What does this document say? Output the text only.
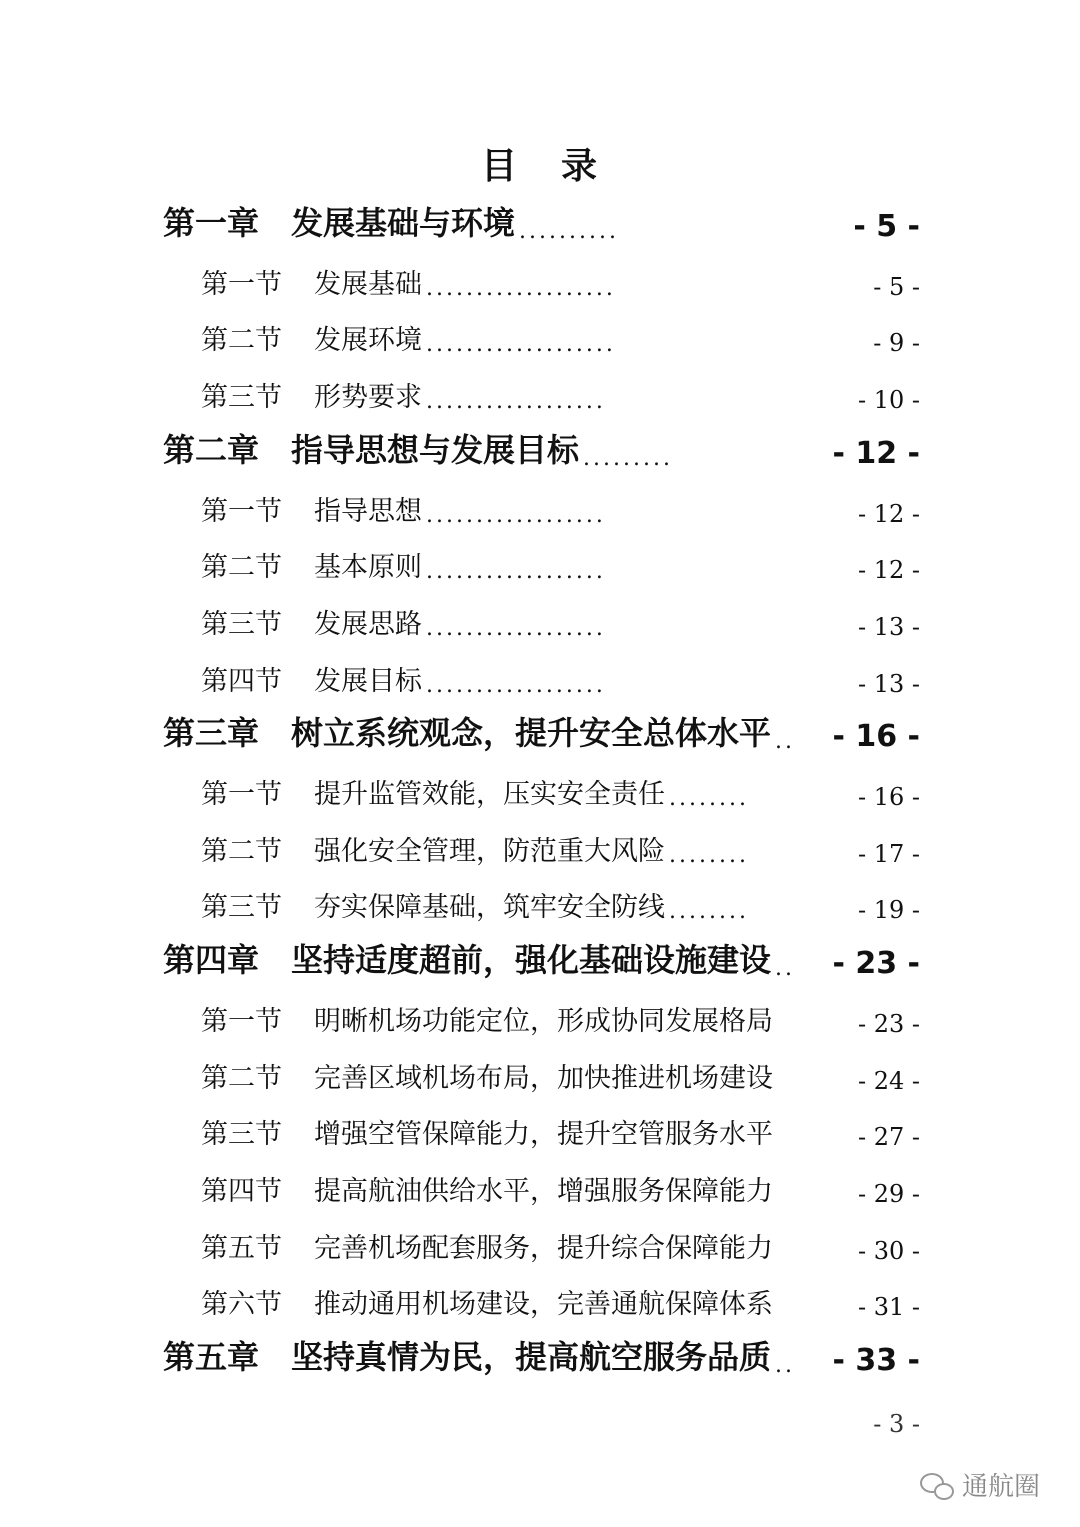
目 录
第一章 发展基础与环境 ..........	- 5 -
第一节 发展基础 ...................	- 5 -
第二节 发展环境 ...................	- 9 -
第三节 形势要求 ..................	- 10 -
第二章 指导思想与发展目标 .........	- 12 -
第一节 指导思想 ..................	- 12 -
第二节 基本原则 ..................	- 12 -
第三节 发展思路 ..................	- 13 -
第四节 发展目标 ..................	- 13 -
第三章 树立系统观念，提升安全总体水平 ..	- 16 -
第一节 提升监管效能，压实安全责任 ........	- 16 -
第二节 强化安全管理，防范重大风险 ........	- 17 -
第三节 夯实保障基础，筑牢安全防线 ........	- 19 -
第四章 坚持适度超前，强化基础设施建设 ..	- 23 -
第一节 明晰机场功能定位，形成协同发展格局	- 23 -
第二节 完善区域机场布局，加快推进机场建设	- 24 -
第三节 增强空管保障能力，提升空管服务水平	- 27 -
第四节 提高航油供给水平，增强服务保障能力	- 29 -
第五节 完善机场配套服务，提升综合保障能力	- 30 -
第六节 推动通用机场建设，完善通航保障体系	- 31 -
第五章 坚持真情为民，提高航空服务品质 ..	- 33 -
- 3 -
通航圈
